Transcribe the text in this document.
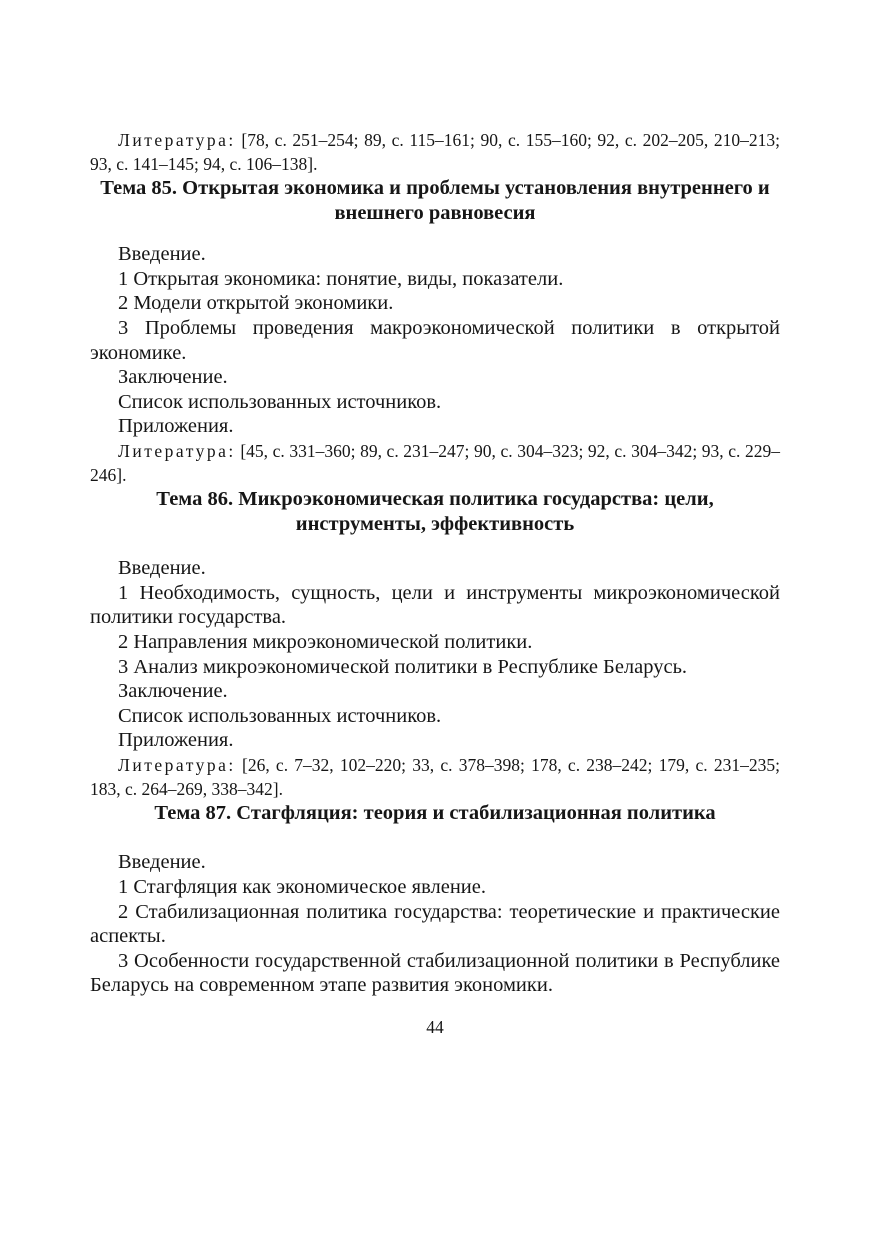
Литература: [78, с. 251–254; 89, с. 115–161; 90, с. 155–160; 92, с. 202–205, 210–213; 93, с. 141–145; 94, с. 106–138].

Тема 85. Открытая экономика и проблемы установления внутреннего и внешнего равновесия

Введение.

1 Открытая экономика: понятие, виды, показатели.

2 Модели открытой экономики.

3 Проблемы проведения макроэкономической политики в открытой экономике.

Заключение.

Список использованных источников.

Приложения.

Литература: [45, с. 331–360; 89, с. 231–247; 90, с. 304–323; 92, с. 304–342; 93, с. 229–246].

Тема 86. Микроэкономическая политика государства: цели, инструменты, эффективность

Введение.

1 Необходимость, сущность, цели и инструменты микроэкономической политики государства.

2 Направления микроэкономической политики.

3 Анализ микроэкономической политики в Республике Беларусь.

Заключение.

Список использованных источников.

Приложения.

Литература: [26, с. 7–32, 102–220; 33, с. 378–398; 178, с. 238–242; 179, с. 231–235; 183, с. 264–269, 338–342].

Тема 87. Стагфляция: теория и стабилизационная политика

Введение.

1 Стагфляция как экономическое явление.

2 Стабилизационная политика государства: теоретические и практические аспекты.

3 Особенности государственной стабилизационной политики в Республике Беларусь на современном этапе развития экономики.

44
